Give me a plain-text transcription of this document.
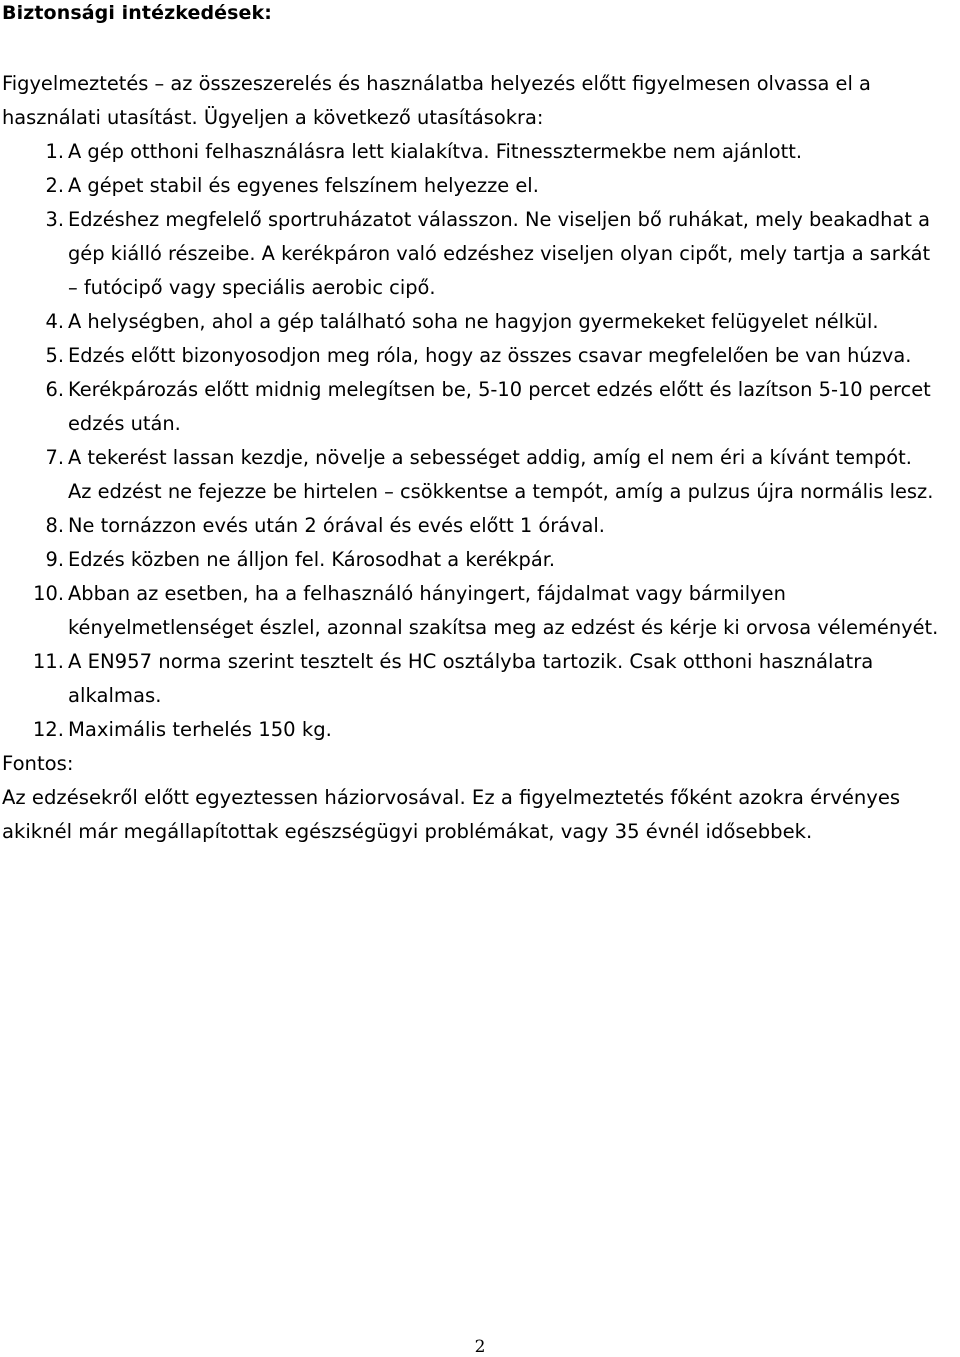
Biztonsági intézkedések:
Figyelmeztetés – az összeszerelés és használatba helyezés előtt figyelmesen olvassa el a
használati utasítást. Ügyeljen a következő utasításokra:
1. A gép otthoni felhasználásra lett kialakítva. Fitnessztermekbe nem ajánlott.
2. A gépet stabil és egyenes felszínem helyezze el.
3. Edzéshez megfelelő sportruházatot válasszon. Ne viseljen bő ruhákat, mely beakadhat a
gép kiálló részeibe. A kerékpáron való edzéshez viseljen olyan cipőt, mely tartja a sarkát
– futócipő vagy speciális aerobic cipő.
4. A helységben, ahol a gép található soha ne hagyjon gyermekeket felügyelet nélkül.
5. Edzés előtt bizonyosodjon meg róla, hogy az összes csavar megfelelően be van húzva.
6. Kerékpározás előtt midnig melegítsen be, 5-10 percet edzés előtt és lazítson 5-10 percet
edzés után.
7. A tekerést lassan kezdje, növelje a sebességet addig, amíg el nem éri a kívánt tempót.
Az edzést ne fejezze be hirtelen – csökkentse a tempót, amíg a pulzus újra normális lesz.
8. Ne tornázzon evés után 2 órával és evés előtt 1 órával.
9. Edzés közben ne álljon fel. Károsodhat a kerékpár.
10. Abban az esetben, ha a felhasználó hányingert, fájdalmat vagy bármilyen
kényelmetlenséget észlel, azonnal szakítsa meg az edzést és kérje ki orvosa véleményét.
11. A EN957 norma szerint tesztelt és HC osztályba tartozik. Csak otthoni használatra
alkalmas.
12. Maximális terhelés 150 kg.
Fontos:
Az edzésekről előtt egyeztessen háziorvosával. Ez a figyelmeztetés főként azokra érvényes
akiknél már megállapítottak egészségügyi problémákat, vagy 35 évnél idősebbek.
2
